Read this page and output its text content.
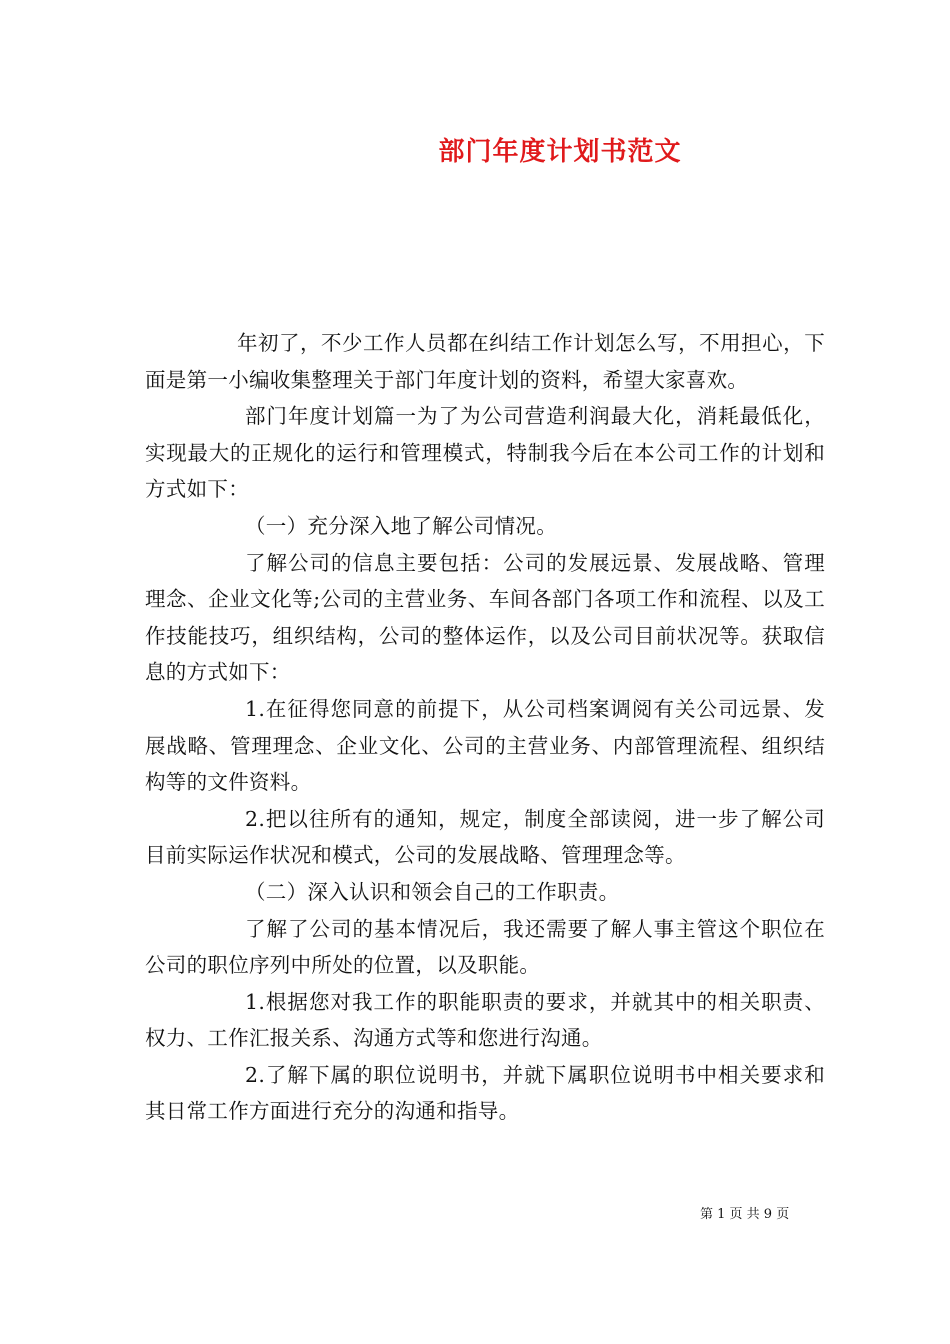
部门年度计划书范文

年初了，不少工作人员都在纠结工作计划怎么写，不用担心，下面是第一小编收集整理关于部门年度计划的资料，希望大家喜欢。

部门年度计划篇一为了为公司营造利润最大化，消耗最低化，实现最大的正规化的运行和管理模式，特制我今后在本公司工作的计划和方式如下：

（一）充分深入地了解公司情况。

了解公司的信息主要包括：公司的发展远景、发展战略、管理理念、企业文化等;公司的主营业务、车间各部门各项工作和流程、以及工作技能技巧，组织结构，公司的整体运作，以及公司目前状况等。获取信息的方式如下：

1.在征得您同意的前提下，从公司档案调阅有关公司远景、发展战略、管理理念、企业文化、公司的主营业务、内部管理流程、组织结构等的文件资料。

2.把以往所有的通知，规定，制度全部读阅，进一步了解公司目前实际运作状况和模式，公司的发展战略、管理理念等。

（二）深入认识和领会自己的工作职责。

了解了公司的基本情况后，我还需要了解人事主管这个职位在公司的职位序列中所处的位置，以及职能。

1.根据您对我工作的职能职责的要求，并就其中的相关职责、权力、工作汇报关系、沟通方式等和您进行沟通。

2.了解下属的职位说明书，并就下属职位说明书中相关要求和其日常工作方面进行充分的沟通和指导。

第 1 页 共 9 页
